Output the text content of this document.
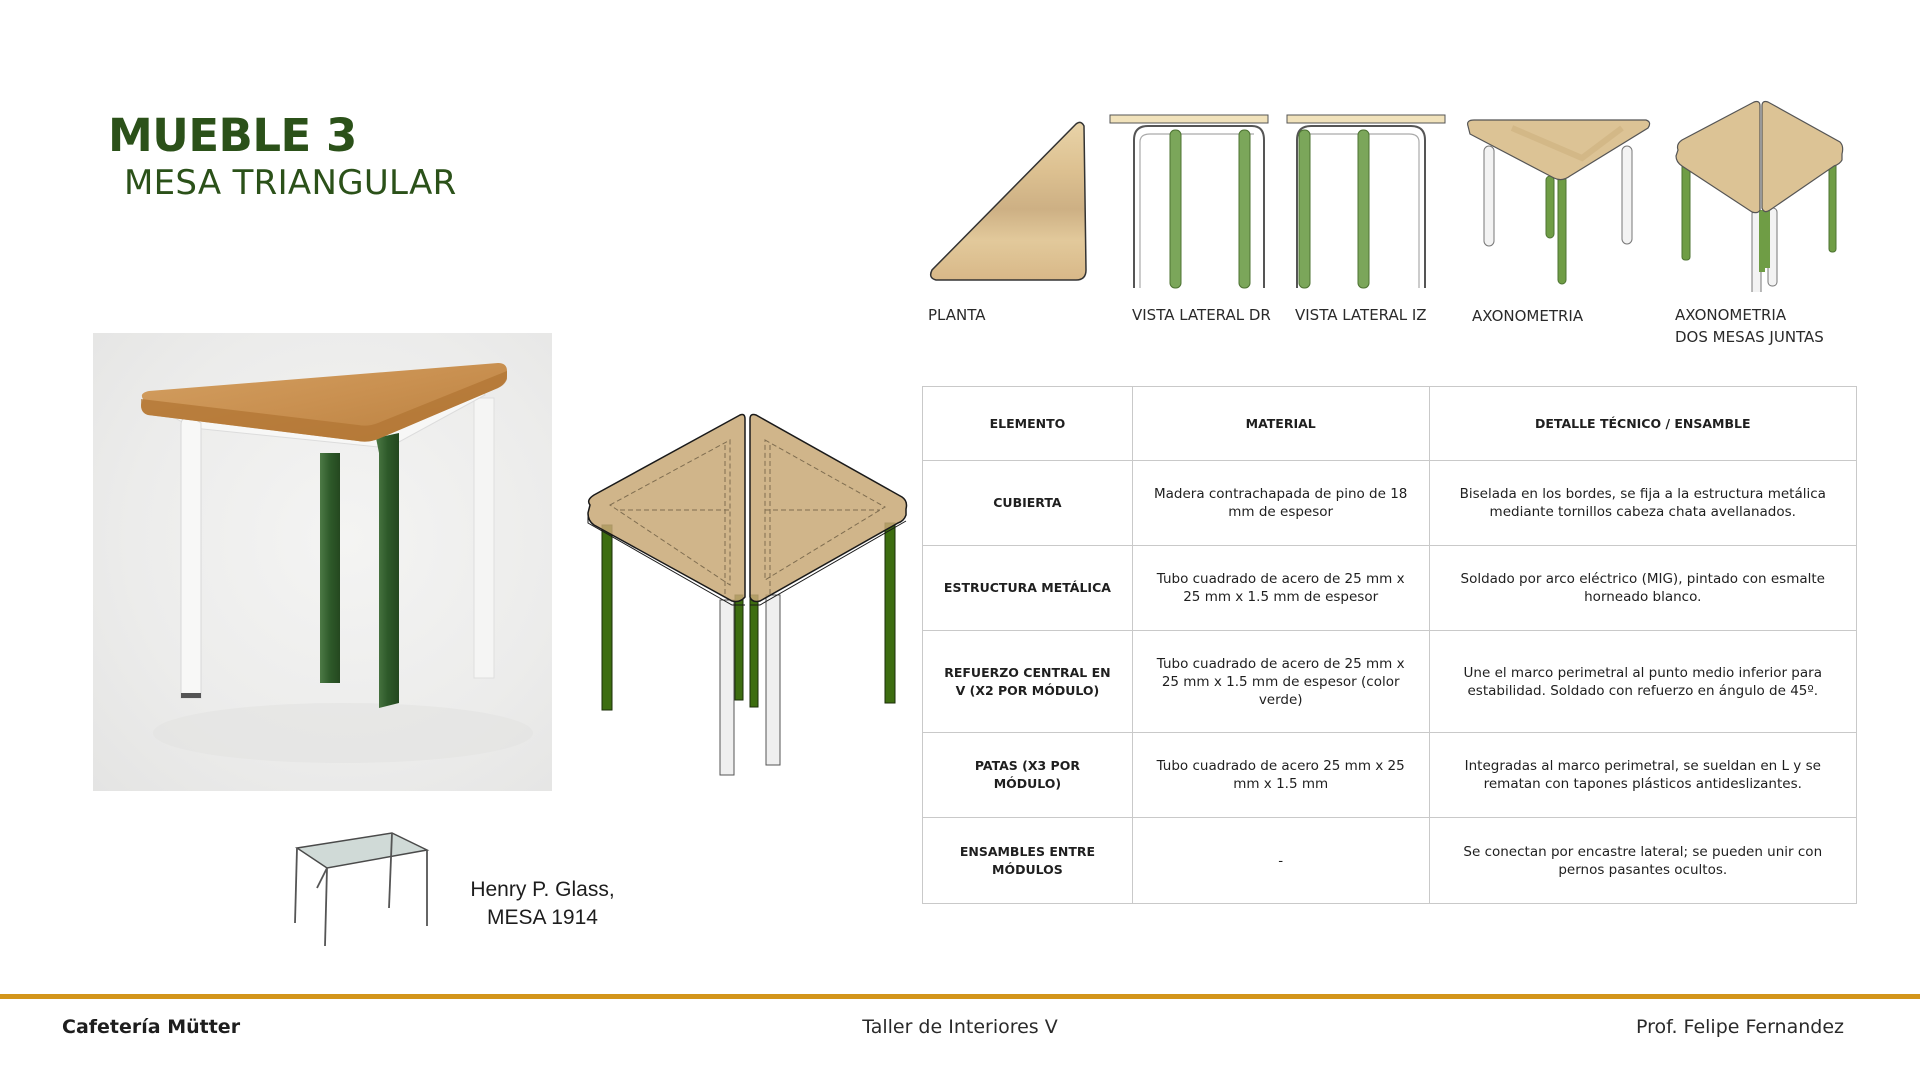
MUEBLE 3
MESA TRIANGULAR
Henry P. Glass,
MESA 1914
PLANTA	VISTA LATERAL DR VISTA LATERAL IZ	AXONOMETRIA	AXONOMETRIA
DOS MESAS JUNTAS
ELEMENTO	MATERIAL	DETALLE TÉCNICO / ENSAMBLE
CUBIERTA	Madera contrachapada de pino de 18 mm de espesor	Biselada en los bordes, se fija a la estructura metálica mediante tornillos cabeza chata avellanados.
ESTRUCTURA METÁLICA	Tubo cuadrado de acero de 25 mm x 25 mm x 1.5 mm de espesor	Soldado por arco eléctrico (MIG), pintado con esmalte horneado blanco.
REFUERZO CENTRAL EN V (X2 POR MÓDULO)	Tubo cuadrado de acero de 25 mm x 25 mm x 1.5 mm de espesor (color verde)	Une el marco perimetral al punto medio inferior para estabilidad. Soldado con refuerzo en ángulo de 45º.
PATAS (X3 POR MÓDULO)	Tubo cuadrado de acero 25 mm x 25 mm x 1.5 mm	Integradas al marco perimetral, se sueldan en L y se rematan con tapones plásticos antideslizantes.
ENSAMBLES ENTRE MÓDULOS	-	Se conectan por encastre lateral; se pueden unir con pernos pasantes ocultos.
Cafetería Mütter	Taller de Interiores V	Prof. Felipe Fernandez
